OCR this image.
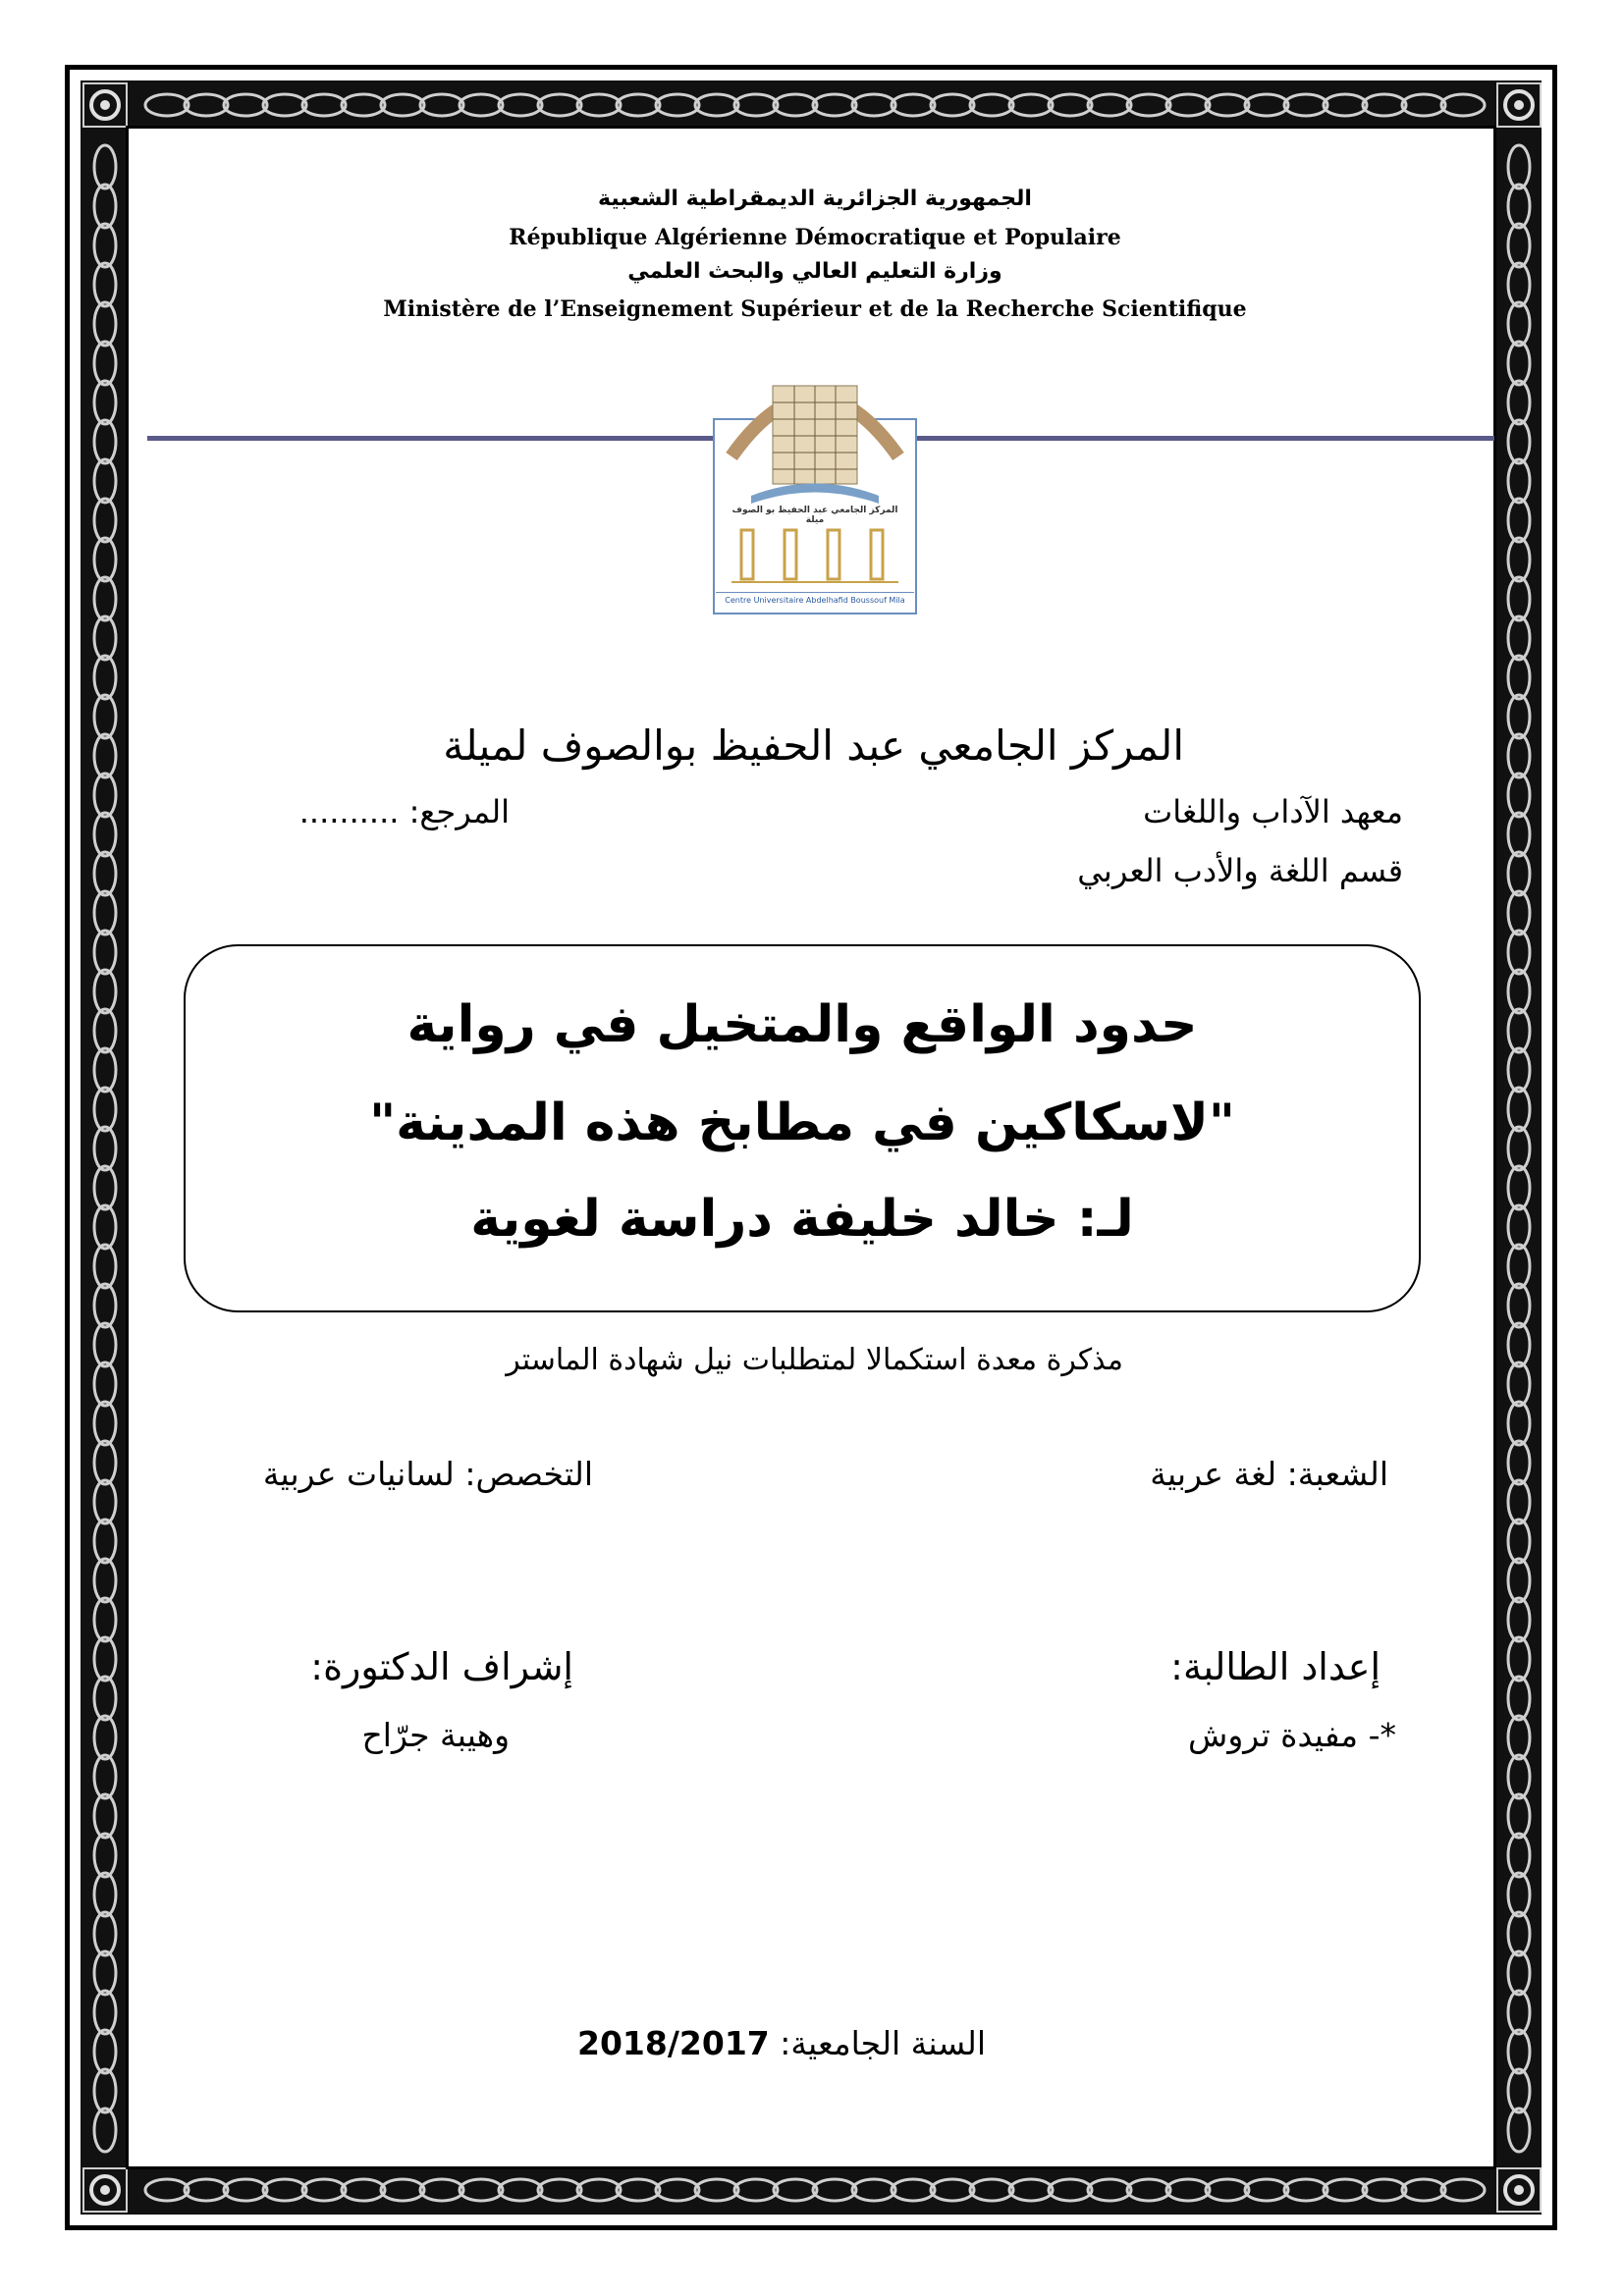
الجمهورية الجزائرية الديمقراطية الشعبية
République Algérienne Démocratique et Populaire
وزارة التعليم العالي والبحث العلمي
Ministère de l’Enseignement Supérieur et de la Recherche Scientifique
المركز الجامعي عبد الحفيظ بو الصوف ميلة
Centre Universitaire Abdelhafid Boussouf Mila
المركز الجامعي عبد الحفيظ بوالصوف لميلة
معهد الآداب واللغات
المرجع: ..........
قسم اللغة والأدب العربي
حدود الواقع والمتخيل في رواية
"لاسكاكين في مطابخ هذه المدينة"
لـ: خالد خليفة دراسة لغوية
مذكرة معدة استكمالا لمتطلبات نيل شهادة الماستر
الشعبة: لغة عربية
التخصص: لسانيات عربية
إعداد الطالبة:
إشراف الدكتورة:
*- مفيدة تروش
وهيبة جرّاح
السنة الجامعية: 2018/2017
